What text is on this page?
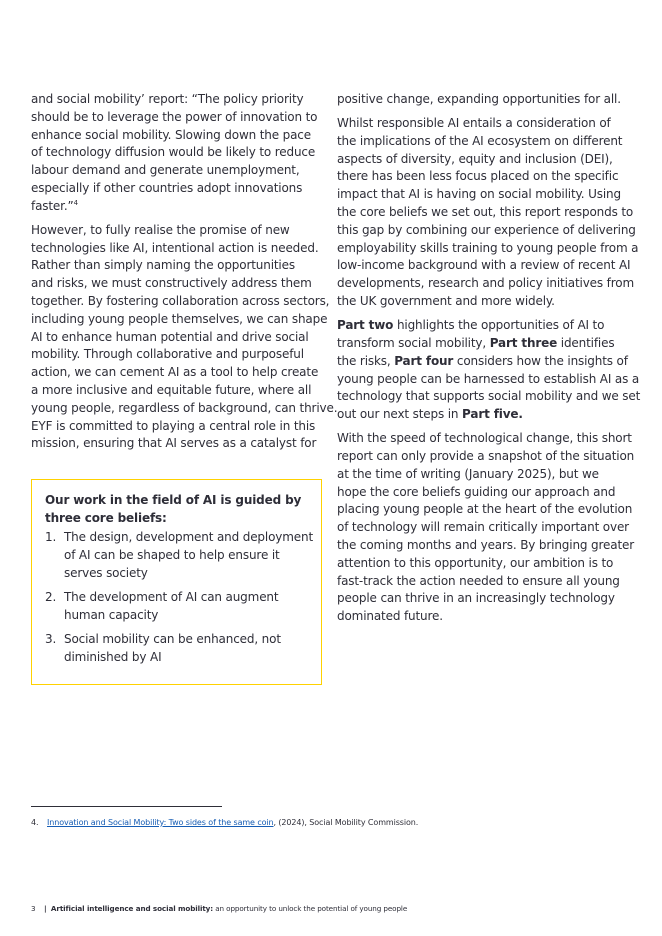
and social mobility’ report: “The policy priority
should be to leverage the power of innovation to
enhance social mobility. Slowing down the pace
of technology diffusion would be likely to reduce
labour demand and generate unemployment,
especially if other countries adopt innovations
faster.”$^4$

However, to fully realise the promise of new
technologies like AI, intentional action is needed.
Rather than simply naming the opportunities
and risks, we must constructively address them
together. By fostering collaboration across sectors,
including young people themselves, we can shape
AI to enhance human potential and drive social
mobility. Through collaborative and purposeful
action, we can cement AI as a tool to help create
a more inclusive and equitable future, where all
young people, regardless of background, can thrive.
EYF is committed to playing a central role in this
mission, ensuring that AI serves as a catalyst for

Our work in the field of AI is guided by
three core beliefs:

1. The design, development and deployment
of AI can be shaped to help ensure it
serves society
2. The development of AI can augment
human capacity
3. Social mobility can be enhanced, not
diminished by AI

positive change, expanding opportunities for all.

Whilst responsible AI entails a consideration of
the implications of the AI ecosystem on different
aspects of diversity, equity and inclusion (DEI),
there has been less focus placed on the specific
impact that AI is having on social mobility. Using
the core beliefs we set out, this report responds to
this gap by combining our experience of delivering
employability skills training to young people from a
low-income background with a review of recent AI
developments, research and policy initiatives from
the UK government and more widely.

Part two highlights the opportunities of AI to
transform social mobility, Part three identifies
the risks, Part four considers how the insights of
young people can be harnessed to establish AI as a
technology that supports social mobility and we set
out our next steps in Part five.

With the speed of technological change, this short
report can only provide a snapshot of the situation
at the time of writing (January 2025), but we
hope the core beliefs guiding our approach and
placing young people at the heart of the evolution
of technology will remain critically important over
the coming months and years. By bringing greater
attention to this opportunity, our ambition is to
fast-track the action needed to ensure all young
people can thrive in an increasingly technology
dominated future.

4. Innovation and Social Mobility: Two sides of the same coin, (2024), Social Mobility Commission.
3 | Artificial intelligence and social mobility: an opportunity to unlock the potential of young people
